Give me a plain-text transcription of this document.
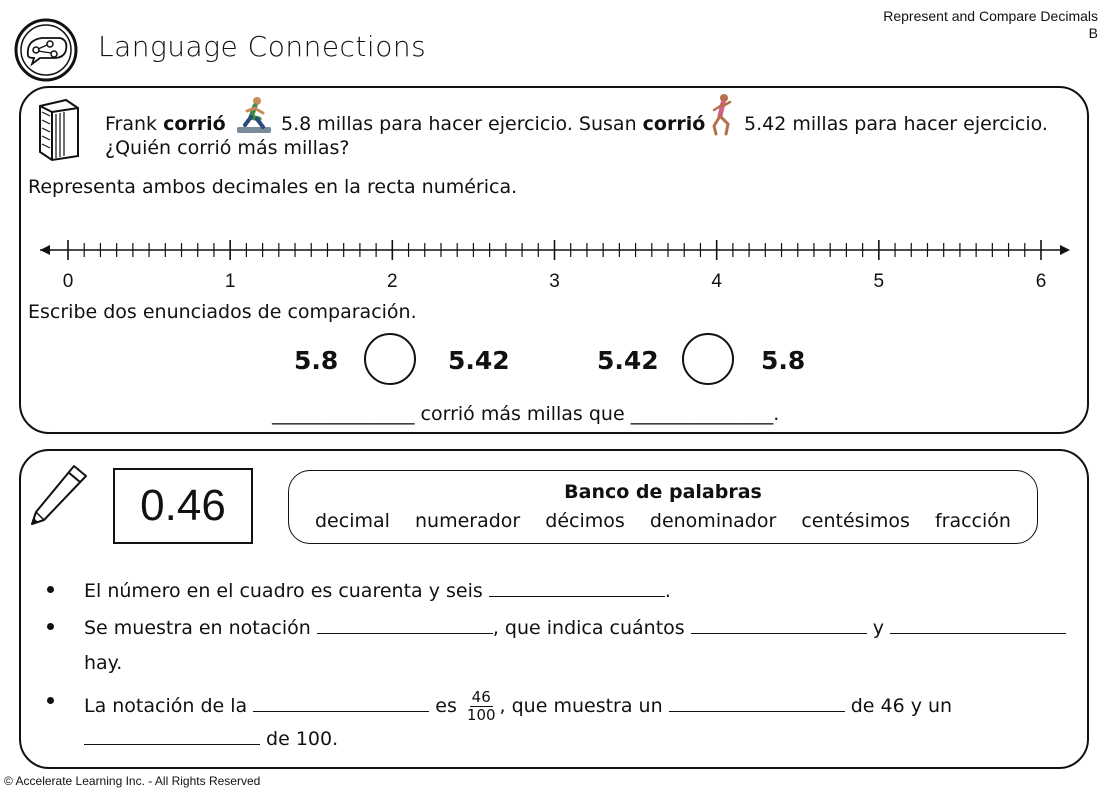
Represent and Compare Decimals
B
Language Connections
Frank corrió	5.8 millas para hacer ejercicio. Susan corrió 5.42 millas para hacer ejercicio.
¿Quién corrió más millas?
Representa ambos decimales en la recta numérica.
0	1	2	3	4	5	6
Escribe dos enunciados de comparación.
5.8	5.42	5.42	5.8
_______________ corrió más millas que _______________.
0.46	Banco de palabras
decimal numerador décimos denominador centésimos fracción
El número en el cuadro es cuarenta y seis	.
Se muestra en notación	, que indica cuántos	y
hay.
La notación de la	es $\frac{46}{100}$ , que muestra un	de 46 y un
de 100.
© Accelerate Learning Inc. - All Rights Reserved
